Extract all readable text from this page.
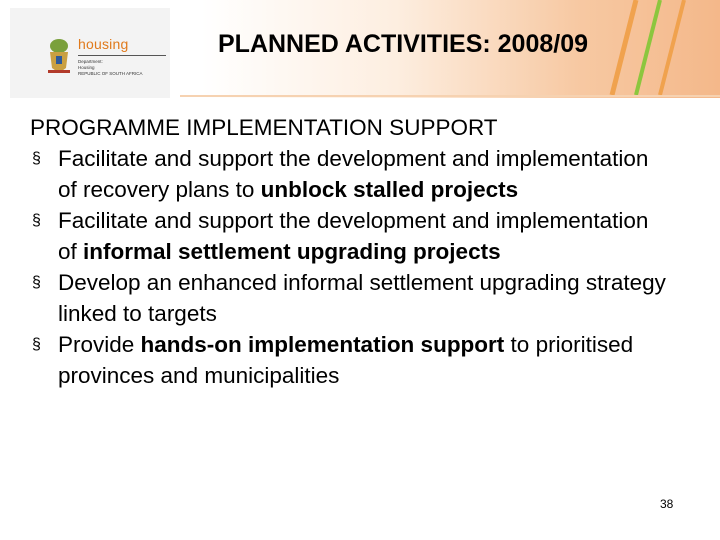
housing
Department:
Housing
REPUBLIC OF SOUTH AFRICA
PLANNED ACTIVITIES: 2008/09
PROGRAMME IMPLEMENTATION SUPPORT
§ Facilitate and support the development and implementation of recovery plans to unblock stalled projects
§ Facilitate and support the development and implementation of informal settlement upgrading projects
§ Develop an enhanced informal settlement upgrading strategy linked to targets
§ Provide hands-on implementation support to prioritised provinces and municipalities
38
